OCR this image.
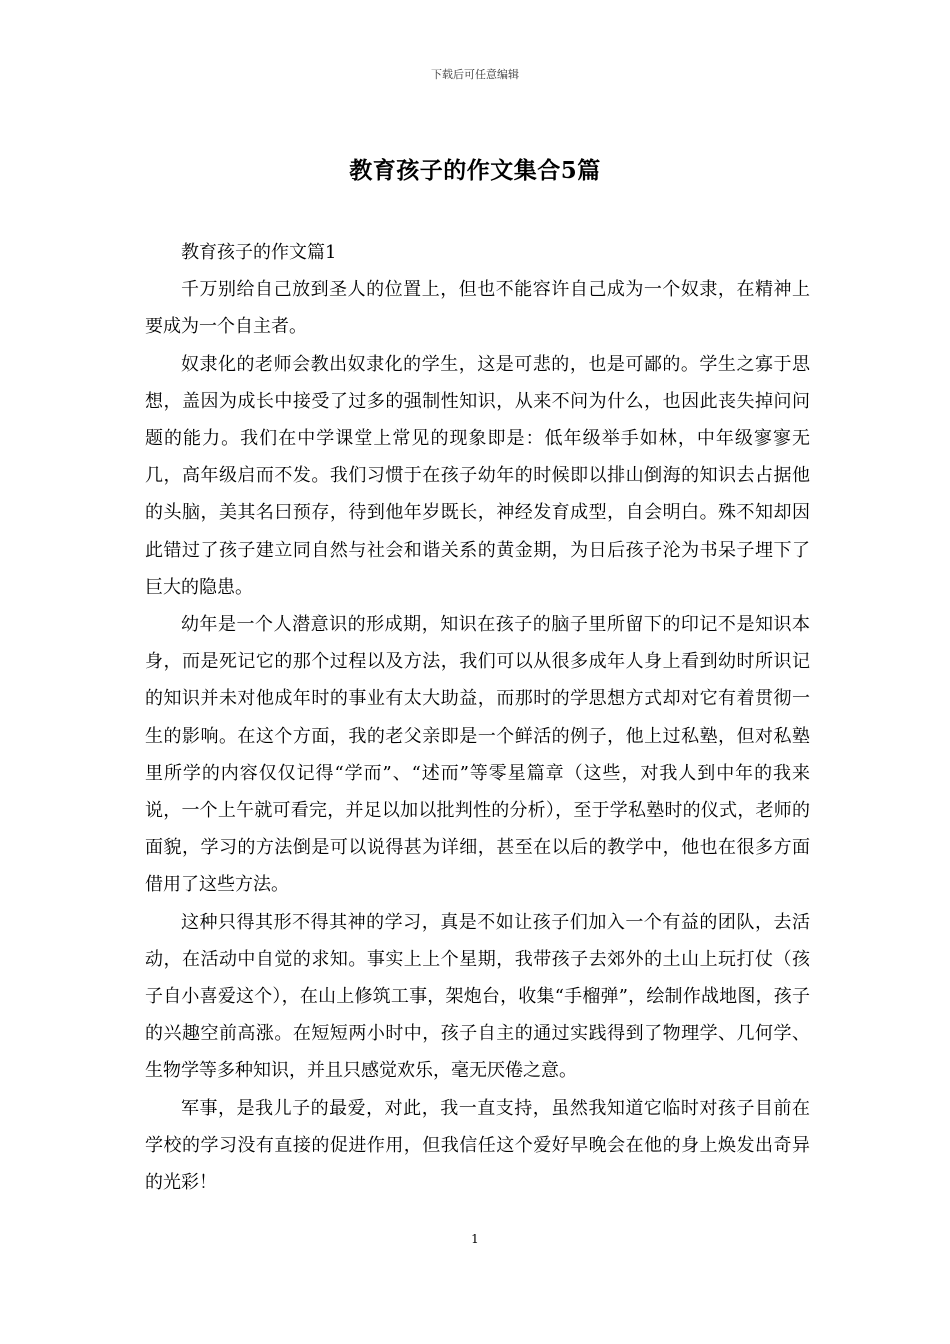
下载后可任意编辑
教育孩子的作文集合5篇

教育孩子的作文篇1

千万别给自己放到圣人的位置上，但也不能容许自己成为一个奴隶，在精神上要成为一个自主者。

奴隶化的老师会教出奴隶化的学生，这是可悲的，也是可鄙的。学生之寡于思想，盖因为成长中接受了过多的强制性知识，从来不问为什么，也因此丧失掉问问题的能力。我们在中学课堂上常见的现象即是：低年级举手如林，中年级寥寥无几，高年级启而不发。我们习惯于在孩子幼年的时候即以排山倒海的知识去占据他的头脑，美其名曰预存，待到他年岁既长，神经发育成型，自会明白。殊不知却因此错过了孩子建立同自然与社会和谐关系的黄金期，为日后孩子沦为书呆子埋下了巨大的隐患。

幼年是一个人潜意识的形成期，知识在孩子的脑子里所留下的印记不是知识本身，而是死记它的那个过程以及方法，我们可以从很多成年人身上看到幼时所识记的知识并未对他成年时的事业有太大助益，而那时的学思想方式却对它有着贯彻一生的影响。在这个方面，我的老父亲即是一个鲜活的例子，他上过私塾，但对私塾里所学的内容仅仅记得“学而”、“述而”等零星篇章（这些，对我人到中年的我来说，一个上午就可看完，并足以加以批判性的分析），至于学私塾时的仪式，老师的面貌，学习的方法倒是可以说得甚为详细，甚至在以后的教学中，他也在很多方面借用了这些方法。

这种只得其形不得其神的学习，真是不如让孩子们加入一个有益的团队，去活动，在活动中自觉的求知。事实上上个星期，我带孩子去郊外的土山上玩打仗（孩子自小喜爱这个），在山上修筑工事，架炮台，收集“手榴弹”，绘制作战地图，孩子的兴趣空前高涨。在短短两小时中，孩子自主的通过实践得到了物理学、几何学、生物学等多种知识，并且只感觉欢乐，毫无厌倦之意。

军事，是我儿子的最爱，对此，我一直支持，虽然我知道它临时对孩子目前在学校的学习没有直接的促进作用，但我信任这个爱好早晚会在他的身上焕发出奇异的光彩！

1
